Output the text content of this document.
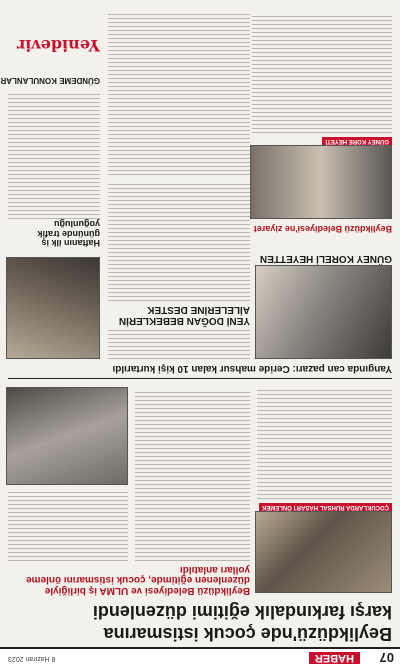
07
HABER
8 Haziran 2023
Beylikdüzü'nde çocuk istismarına
karşı farkındalık eğitimi düzenlendi
Beylikdüzü Belediyesi ve ULMA iş birliğiyle düzenlenen eğitimde, çocuk istismarını önleme yolları anlatıldı
ÇOCUKLARDA RUHSAL HASAR'I ÖNLEMEK
Yangında can pazarı: Ceride mahsur kalan 10 kişi kurtarıldı
YENİ DOĞAN BEBEKLERİN AİLELERİNE DESTEK
GÜNEY KORELİ HEYETTEN
Beylikdüzü Belediyesi'ne ziyaret
GÜNEY KORE HEYETİ
Haftanın ilk iş gününde trafik yoğunluğu
GÜNDEME KONULANLAR
Yenidevir
